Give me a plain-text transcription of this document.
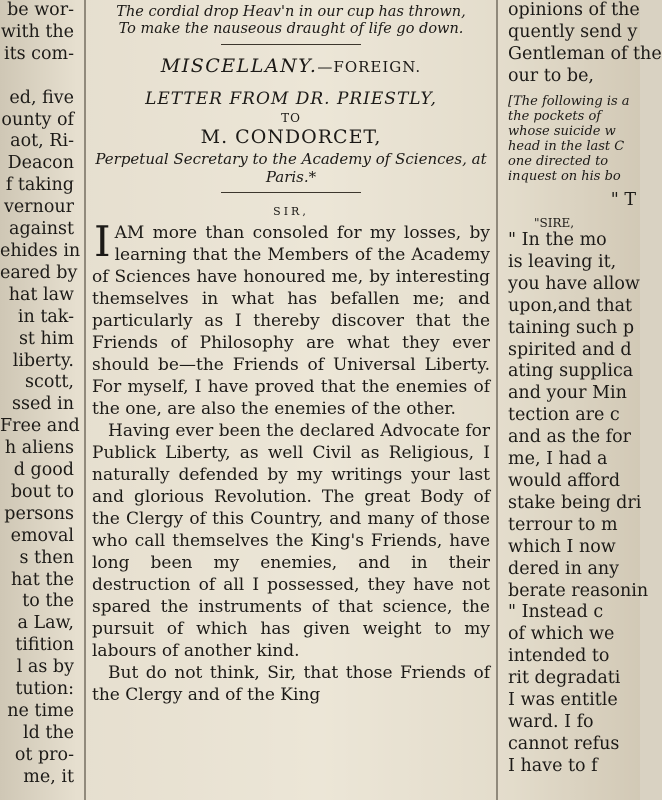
be wor-
with the
its com-

ed, five
ounty of
aot, Ri-
Deacon
f taking
vernour
against
ehides in
eared by
hat law
in tak-
st him
liberty.
scott,
ssed in
Free and
h aliens
d good
bout to
persons
emoval
s then
hat the
to the
a Law,
tifition
l as by
tution:
ne time
ld the
ot pro-
me, it
The cordial drop Heav'n in our cup has thrown,
To make the nauseous draught of life go down.
MISCELLANY.—FOREIGN.
LETTER FROM DR. PRIESTLY,
TO
M. CONDORCET,
Perpetual Secretary to the Academy of Sciences, at Paris.*
SIR,

IAM more than consoled for my losses, by learning that the Members of the Academy of Sciences have honoured me, by interesting themselves in what has befallen me; and particularly as I thereby discover that the Friends of Philosophy are what they ever should be—the Friends of Universal Liberty. For myself, I have proved that the enemies of the one, are also the enemies of the other.

Having ever been the declared Advocate for Publick Liberty, as well Civil as Religious, I naturally defended by my writings your last and glorious Revolution. The great Body of the Clergy of this Country, and many of those who call themselves the King's Friends, have long been my enemies, and in their destruction of all I possessed, they have not spared the instruments of that science, the pursuit of which has given weight to my labours of another kind.

But do not think, Sir, that those Friends of the Clergy and of the King

opinions of the
quently send y
Gentleman of the
our to be,
[The following is a
the pockets of
whose suicide w
head in the last C
one directed to
inquest on his bo
" T
"SIRE,
" In the mo
is leaving it,
you have allow
upon,and that
taining such p
spirited and d
ating supplica
and your Min
tection are c
and as the for
me, I had a
would afford
stake being dri
terrour to m
which I now
dered in any
berate reasonin
" Instead c
of which we
intended to
rit degradati
I was entitle
ward. I fo
cannot refus
I have to f
